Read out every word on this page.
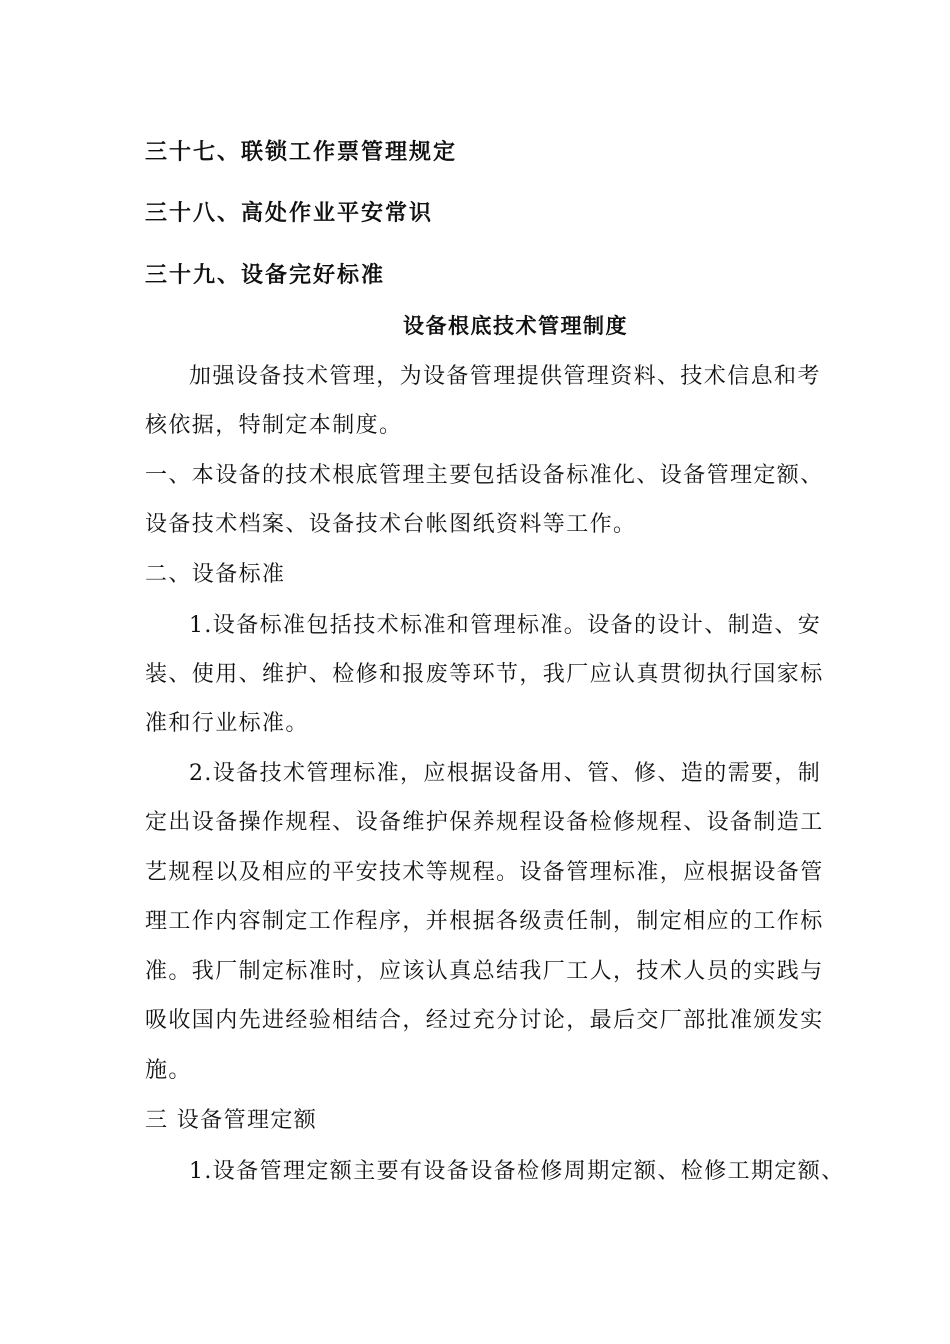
三十七、联锁工作票管理规定
三十八、高处作业平安常识
三十九、设备完好标准
设备根底技术管理制度
加强设备技术管理，为设备管理提供管理资料、技术信息和考
核依据，特制定本制度。
一、本设备的技术根底管理主要包括设备标准化、设备管理定额、
设备技术档案、设备技术台帐图纸资料等工作。
二、设备标准
1.设备标准包括技术标准和管理标准。设备的设计、制造、安
装、使用、维护、检修和报废等环节，我厂应认真贯彻执行国家标
准和行业标准。
2.设备技术管理标准，应根据设备用、管、修、造的需要，制
定出设备操作规程、设备维护保养规程设备检修规程、设备制造工
艺规程以及相应的平安技术等规程。设备管理标准，应根据设备管
理工作内容制定工作程序，并根据各级责任制，制定相应的工作标
准。我厂制定标准时，应该认真总结我厂工人，技术人员的实践与
吸收国内先进经验相结合，经过充分讨论，最后交厂部批准颁发实
施。
三 设备管理定额
1.设备管理定额主要有设备设备检修周期定额、检修工期定额、
